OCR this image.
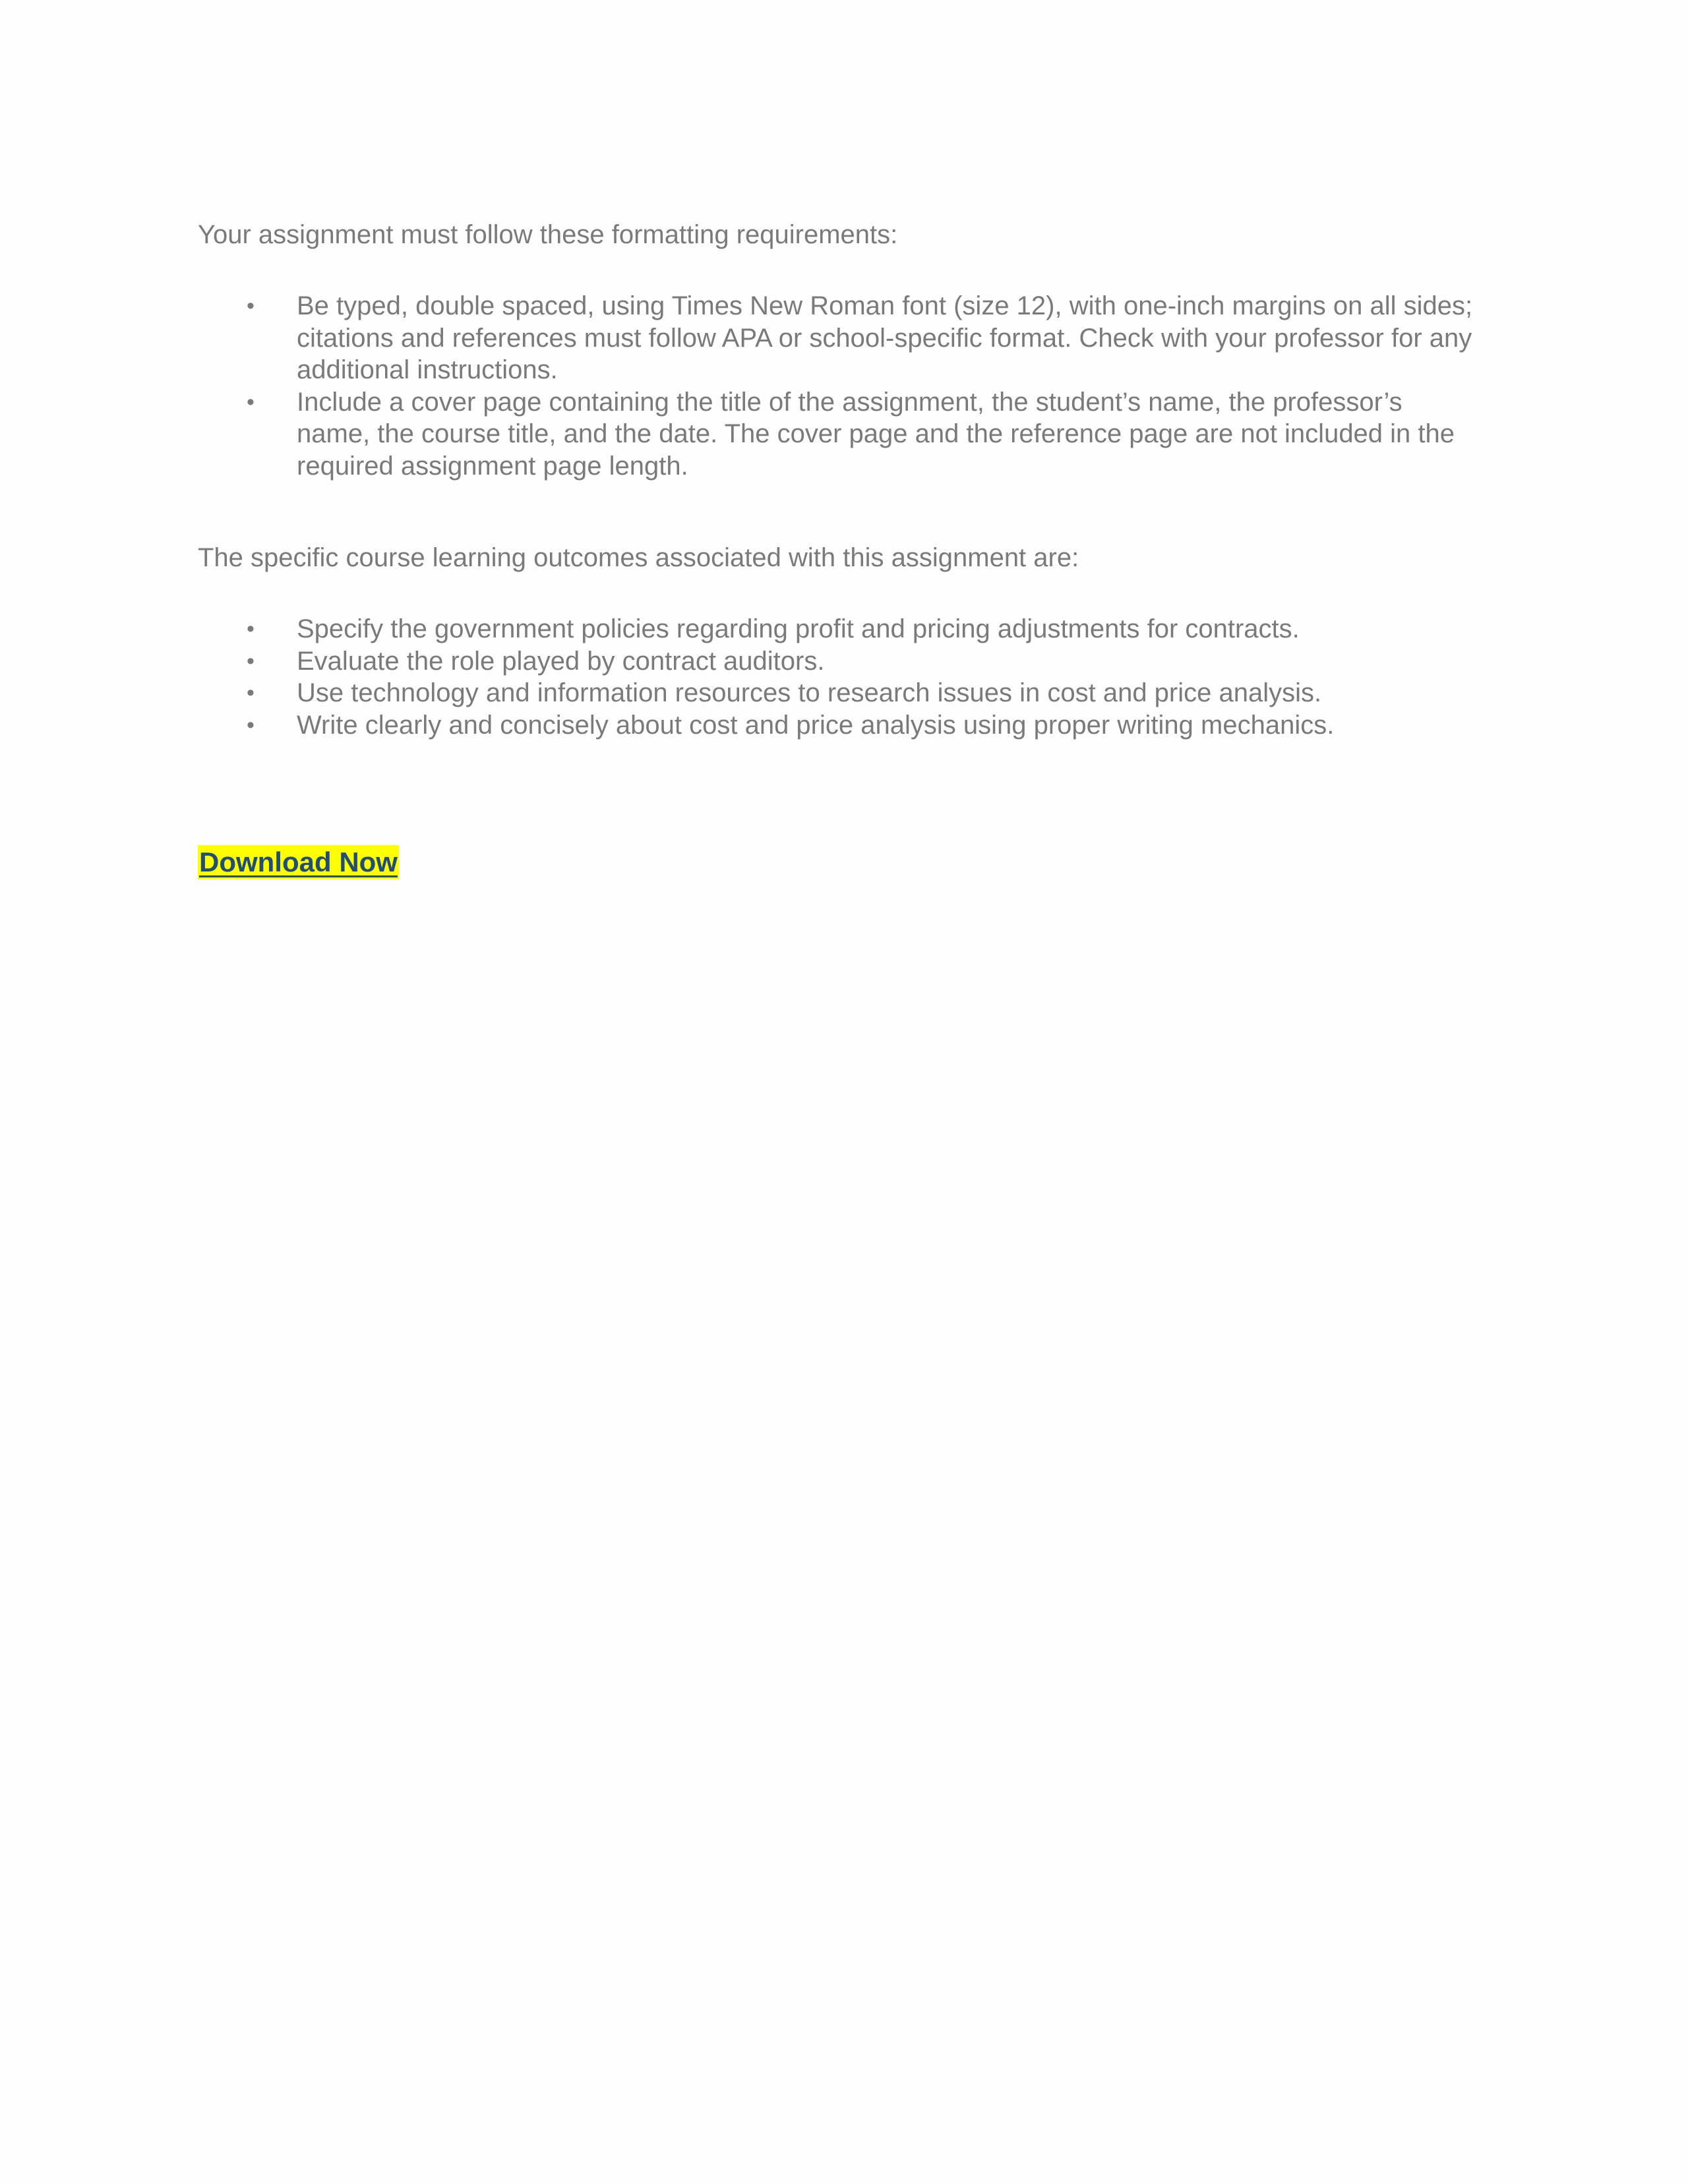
Your assignment must follow these formatting requirements:

• Be typed, double spaced, using Times New Roman font (size 12), with one-inch margins on all sides; citations and references must follow APA or school-specific format. Check with your professor for any additional instructions.
• Include a cover page containing the title of the assignment, the student’s name, the professor’s name, the course title, and the date. The cover page and the reference page are not included in the required assignment page length.

The specific course learning outcomes associated with this assignment are:

• Specify the government policies regarding profit and pricing adjustments for contracts.
• Evaluate the role played by contract auditors.
• Use technology and information resources to research issues in cost and price analysis.
• Write clearly and concisely about cost and price analysis using proper writing mechanics.
Download Now
